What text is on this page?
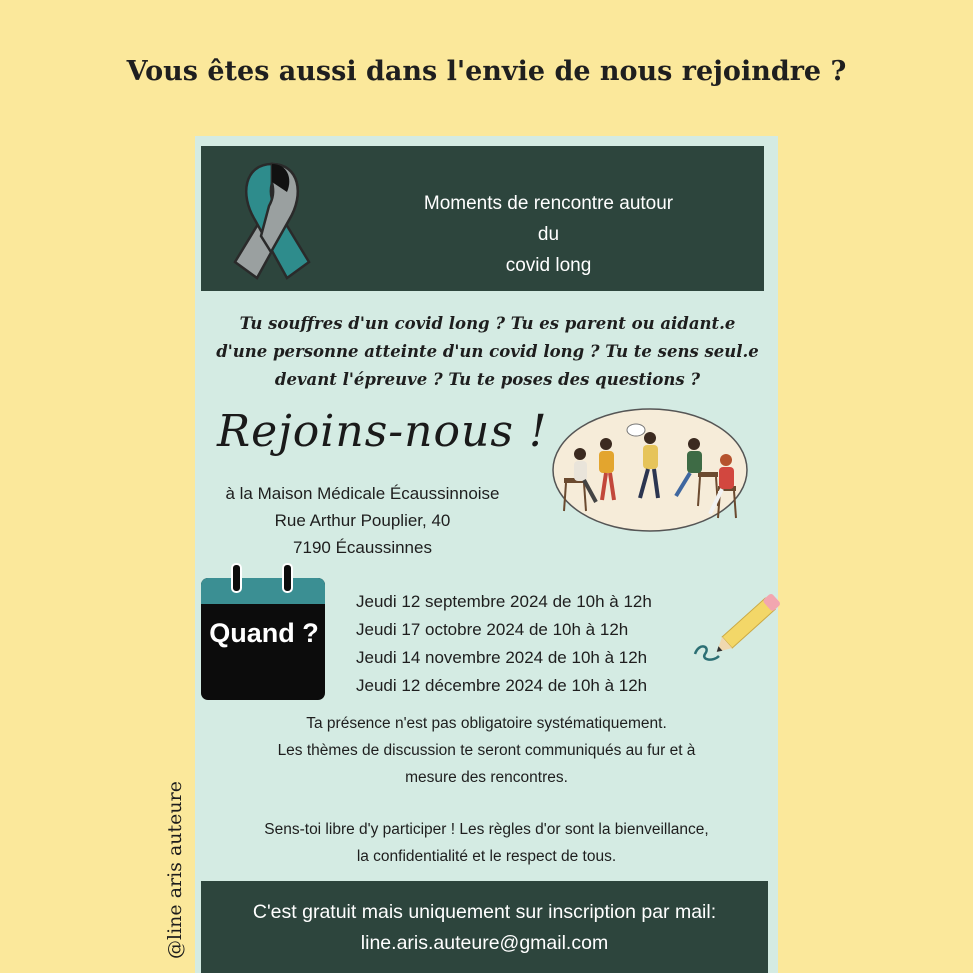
Vous êtes aussi dans l'envie de nous rejoindre ?
@line aris auteure
Moments de rencontre autour
du
covid long
Tu souffres d'un covid long ? Tu es parent ou aidant.e
d'une personne atteinte d'un covid long ? Tu te sens seul.e
devant l'épreuve ? Tu te poses des questions ?
Rejoins-nous !
à la Maison Médicale Écaussinnoise
Rue Arthur Pouplier, 40
7190 Écaussinnes
Quand ?
Jeudi 12 septembre 2024 de 10h à 12h
Jeudi 17 octobre 2024 de 10h à 12h
Jeudi 14 novembre 2024 de 10h à 12h
Jeudi 12 décembre 2024 de 10h à 12h
Ta présence n'est pas obligatoire systématiquement.
Les thèmes de discussion te seront communiqués au fur et à
mesure des rencontres.
Sens-toi libre d'y participer ! Les règles d'or sont la bienveillance,
la confidentialité et le respect de tous.
C'est gratuit mais uniquement sur inscription par mail:
line.aris.auteure@gmail.com
